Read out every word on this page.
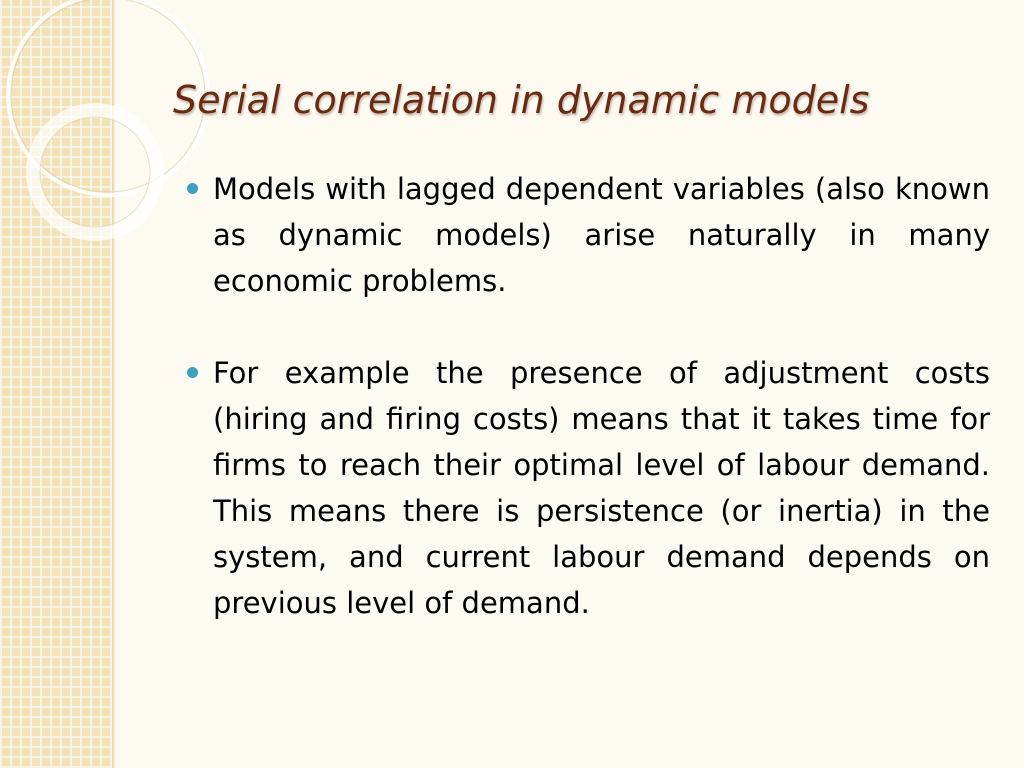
Serial correlation in dynamic models
Models with lagged dependent variables (also known as dynamic models) arise naturally in many economic problems.
For example the presence of adjustment costs (hiring and firing costs) means that it takes time for firms to reach their optimal level of labour demand. This means there is persistence (or inertia) in the system, and current labour demand depends on previous level of demand.
